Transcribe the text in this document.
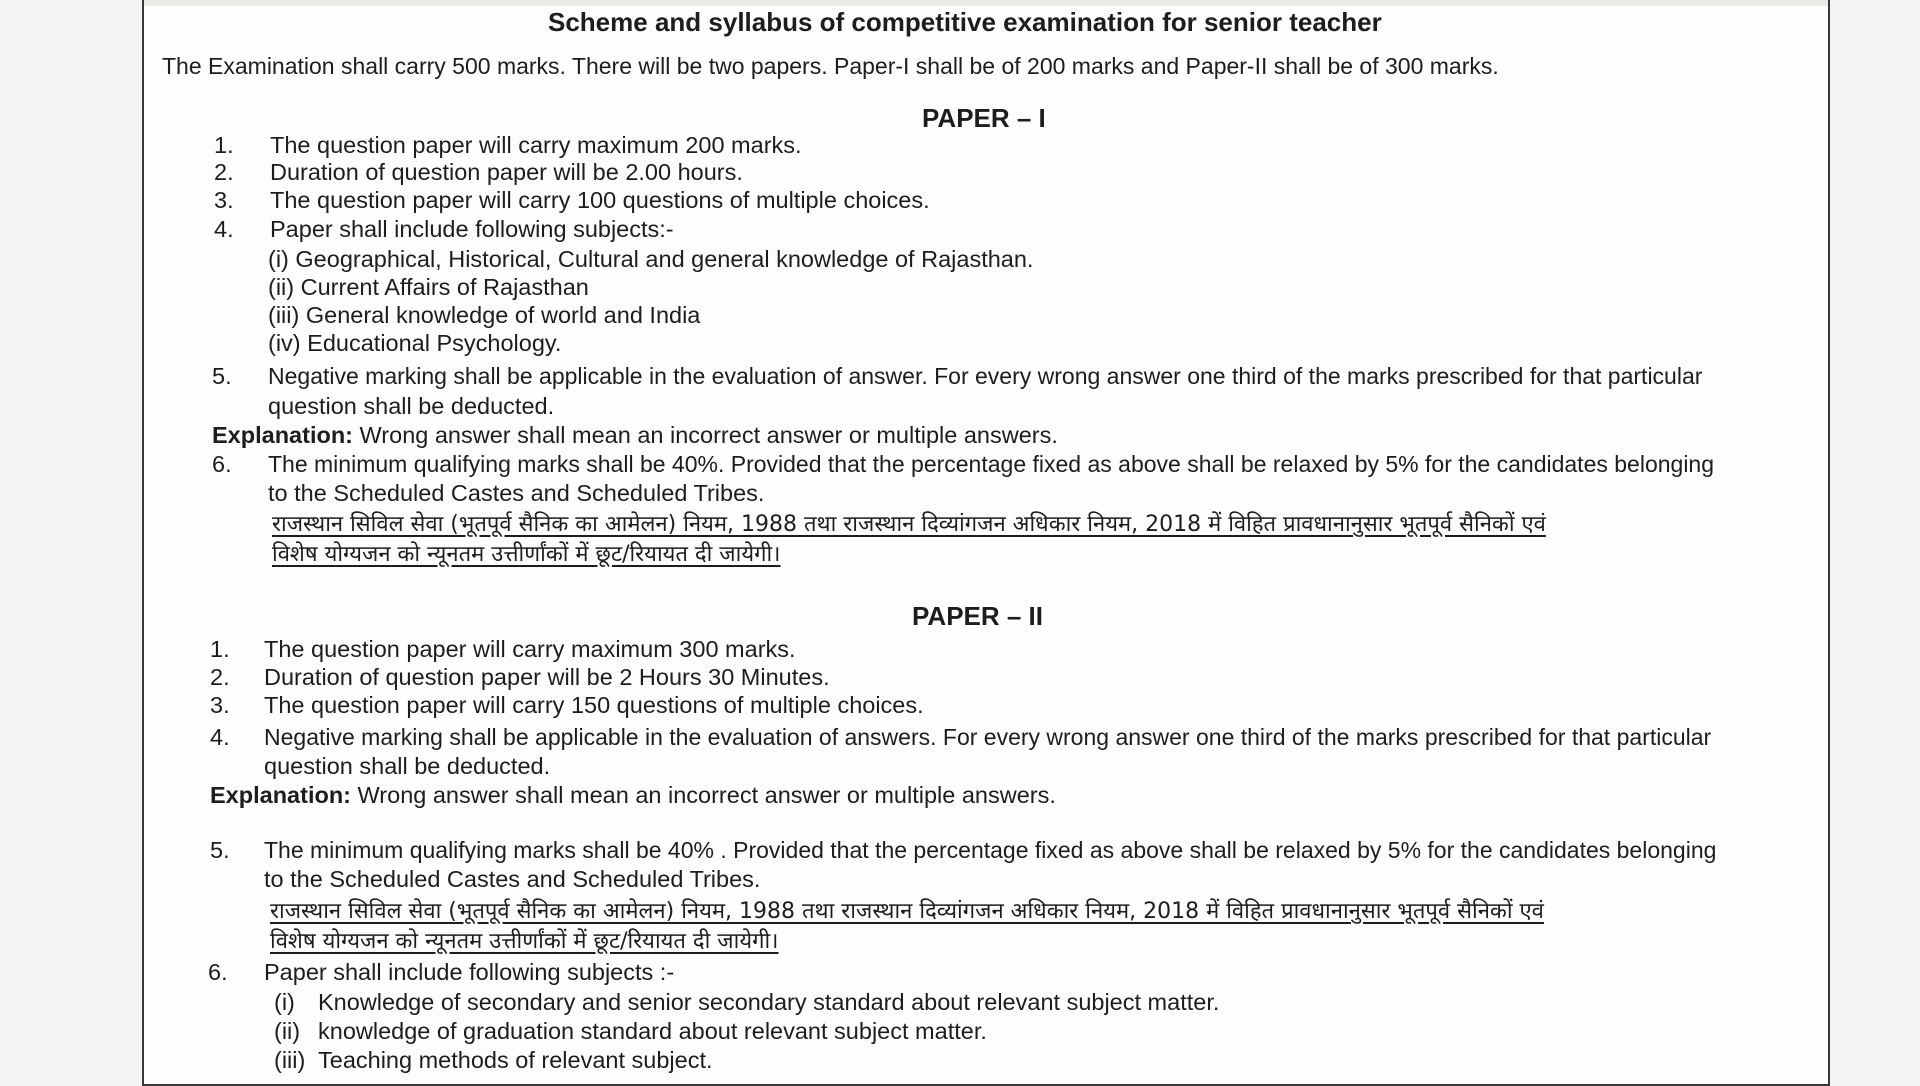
Scheme and syllabus of competitive examination for senior teacher
The Examination shall carry 500 marks. There will be two papers. Paper-I shall be of 200 marks and Paper-II shall be of 300 marks.
PAPER – I
1. The question paper will carry maximum 200 marks.
2. Duration of question paper will be 2.00 hours.
3. The question paper will carry 100 questions of multiple choices.
4. Paper shall include following subjects:-
(i) Geographical, Historical, Cultural and general knowledge of Rajasthan.
(ii) Current Affairs of Rajasthan
(iii) General knowledge of world and India
(iv) Educational Psychology.
5. Negative marking shall be applicable in the evaluation of answer. For every wrong answer one third of the marks prescribed for that particular
question shall be deducted.
Explanation: Wrong answer shall mean an incorrect answer or multiple answers.
6. The minimum qualifying marks shall be 40%. Provided that the percentage fixed as above shall be relaxed by 5% for the candidates belonging
to the Scheduled Castes and Scheduled Tribes.
राजस्थान सिविल सेवा (भूतपूर्व सैनिक का आमेलन) नियम, 1988 तथा राजस्थान दिव्यांगजन अधिकार नियम, 2018 में विहित प्रावधानानुसार भूतपूर्व सैनिकों एवं
विशेष योग्यजन को न्यूनतम उत्तीर्णांकों में छूट/रियायत दी जायेगी।
PAPER – II
1. The question paper will carry maximum 300 marks.
2. Duration of question paper will be 2 Hours 30 Minutes.
3. The question paper will carry 150 questions of multiple choices.
4. Negative marking shall be applicable in the evaluation of answers. For every wrong answer one third of the marks prescribed for that particular
question shall be deducted.
Explanation: Wrong answer shall mean an incorrect answer or multiple answers.
5. The minimum qualifying marks shall be 40% . Provided that the percentage fixed as above shall be relaxed by 5% for the candidates belonging
to the Scheduled Castes and Scheduled Tribes.
राजस्थान सिविल सेवा (भूतपूर्व सैनिक का आमेलन) नियम, 1988 तथा राजस्थान दिव्यांगजन अधिकार नियम, 2018 में विहित प्रावधानानुसार भूतपूर्व सैनिकों एवं
विशेष योग्यजन को न्यूनतम उत्तीर्णांकों में छूट/रियायत दी जायेगी।
6. Paper shall include following subjects :-
(i) Knowledge of secondary and senior secondary standard about relevant subject matter.
(ii) knowledge of graduation standard about relevant subject matter.
(iii) Teaching methods of relevant subject.
